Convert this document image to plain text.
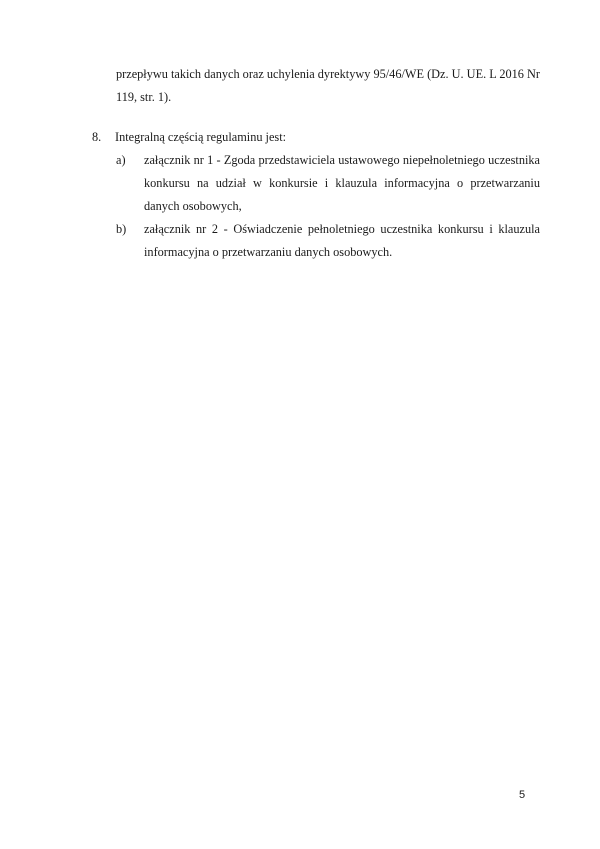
przepływu takich danych oraz uchylenia dyrektywy 95/46/WE (Dz. U. UE. L 2016 Nr 119, str. 1).
8. Integralną częścią regulaminu jest:
a) załącznik nr 1 - Zgoda przedstawiciela ustawowego niepełnoletniego uczestnika konkursu na udział w konkursie i klauzula informacyjna o przetwarzaniu danych osobowych,
b) załącznik nr 2 - Oświadczenie pełnoletniego uczestnika konkursu i klauzula informacyjna o przetwarzaniu danych osobowych.
5
